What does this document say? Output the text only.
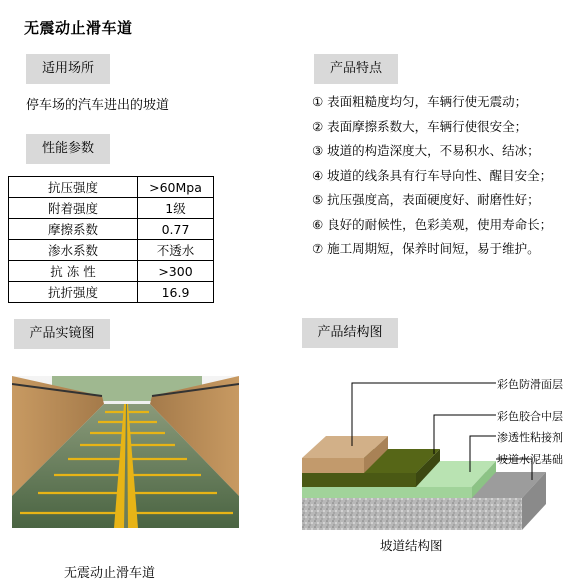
无震动止滑车道
适用场所
停车场的汽车进出的坡道
性能参数
抗压强度	>60Mpa
附着强度	1级
摩擦系数	0.77
渗水系数	不透水
抗 冻 性	>300
抗折强度	16.9
产品特点
① 表面粗糙度均匀，车辆行使无震动；
② 表面摩擦系数大，车辆行使很安全；
③ 坡道的构造深度大，不易积水、结冰；
④ 坡道的线条具有行车导向性、醒目安全；
⑤ 抗压强度高，表面硬度好、耐磨性好；
⑥ 良好的耐候性，色彩美观，使用寿命长；
⑦ 施工周期短，保养时间短，易于维护。
产品实镜图
无震动止滑车道
产品结构图
彩色防滑面层
彩色胶合中层
渗透性粘接剂
坡道水泥基础
坡道结构图
